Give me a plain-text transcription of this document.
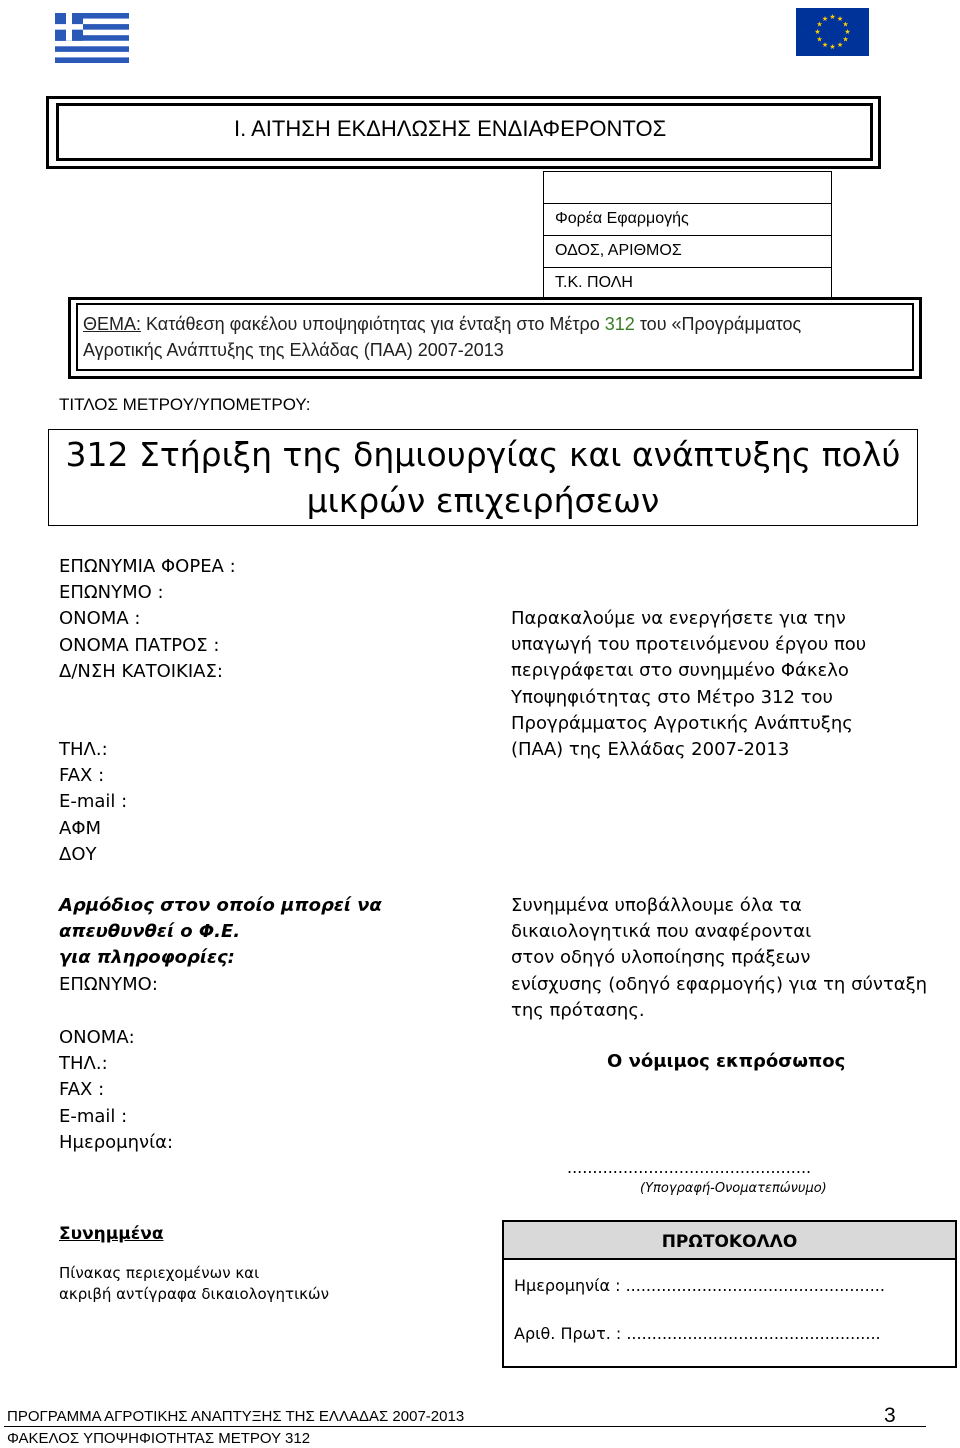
★ ★
★
★
★
★
★
★
★
★
★
★
Ι. ΑΙΤΗΣΗ ΕΚΔΗΛΩΣΗΣ ΕΝΔΙΑΦΕΡΟΝΤΟΣ
Φορέα Εφαρμογής
ΟΔΟΣ, ΑΡΙΘΜΟΣ
Τ.Κ. ΠΟΛΗ
ΘΕΜΑ: Κατάθεση φακέλου υποψηφιότητας για ένταξη στο Μέτρο 312 του «Προγράμματος
Αγροτικής Ανάπτυξης της Ελλάδας (ΠΑΑ) 2007-2013
ΤΙΤΛΟΣ ΜΕΤΡΟΥ/ΥΠΟΜΕΤΡΟΥ:
312 Στήριξη της δημιουργίας και ανάπτυξης πολύ
μικρών επιχειρήσεων
ΕΠΩΝΥΜΙΑ ΦΟΡΕΑ :
ΕΠΩΝΥΜΟ :
ΟΝΟΜΑ :
ΟΝΟΜΑ ΠΑΤΡΟΣ :
Δ/ΝΣΗ ΚΑΤΟΙΚΙΑΣ:
ΤΗΛ.:
FAX :
E-mail :
ΑΦΜ
ΔΟΥ
Παρακαλούμε να ενεργήσετε για την
υπαγωγή του προτεινόμενου έργου που
περιγράφεται στο συνημμένο Φάκελο
Υποψηφιότητας στο Μέτρο 312 του
Προγράμματος Αγροτικής Ανάπτυξης
(ΠΑΑ) της Ελλάδας 2007-2013
Αρμόδιος στον οποίο μπορεί να
απευθυνθεί ο Φ.Ε.
για πληροφορίες:
ΕΠΩΝΥΜΟ:
ΟΝΟΜΑ:
ΤΗΛ.:
FAX :
E-mail :
Ημερομηνία:
Συνημμένα υποβάλλουμε όλα τα
δικαιολογητικά που αναφέρονται
στον οδηγό υλοποίησης πράξεων
ενίσχυσης (οδηγό εφαρμογής) για τη σύνταξη
της πρότασης.
Ο νόμιμος εκπρόσωπος
................................................
(Υπογραφή-Ονοματεπώνυμο)
Συνημμένα
Πίνακας περιεχομένων και
ακριβή αντίγραφα δικαιολογητικών
ΠΡΩΤΟΚΟΛΛΟ
Ημερομηνία : ...................................................
Αριθ. Πρωτ. : ..................................................
ΠΡΟΓΡΑΜΜΑ ΑΓΡΟΤΙΚΗΣ ΑΝΑΠΤΥΞΗΣ ΤΗΣ ΕΛΛΑΔΑΣ 2007-2013	3
ΦΑΚΕΛΟΣ ΥΠΟΨΗΦΙΟΤΗΤΑΣ ΜΕΤΡΟΥ 312
